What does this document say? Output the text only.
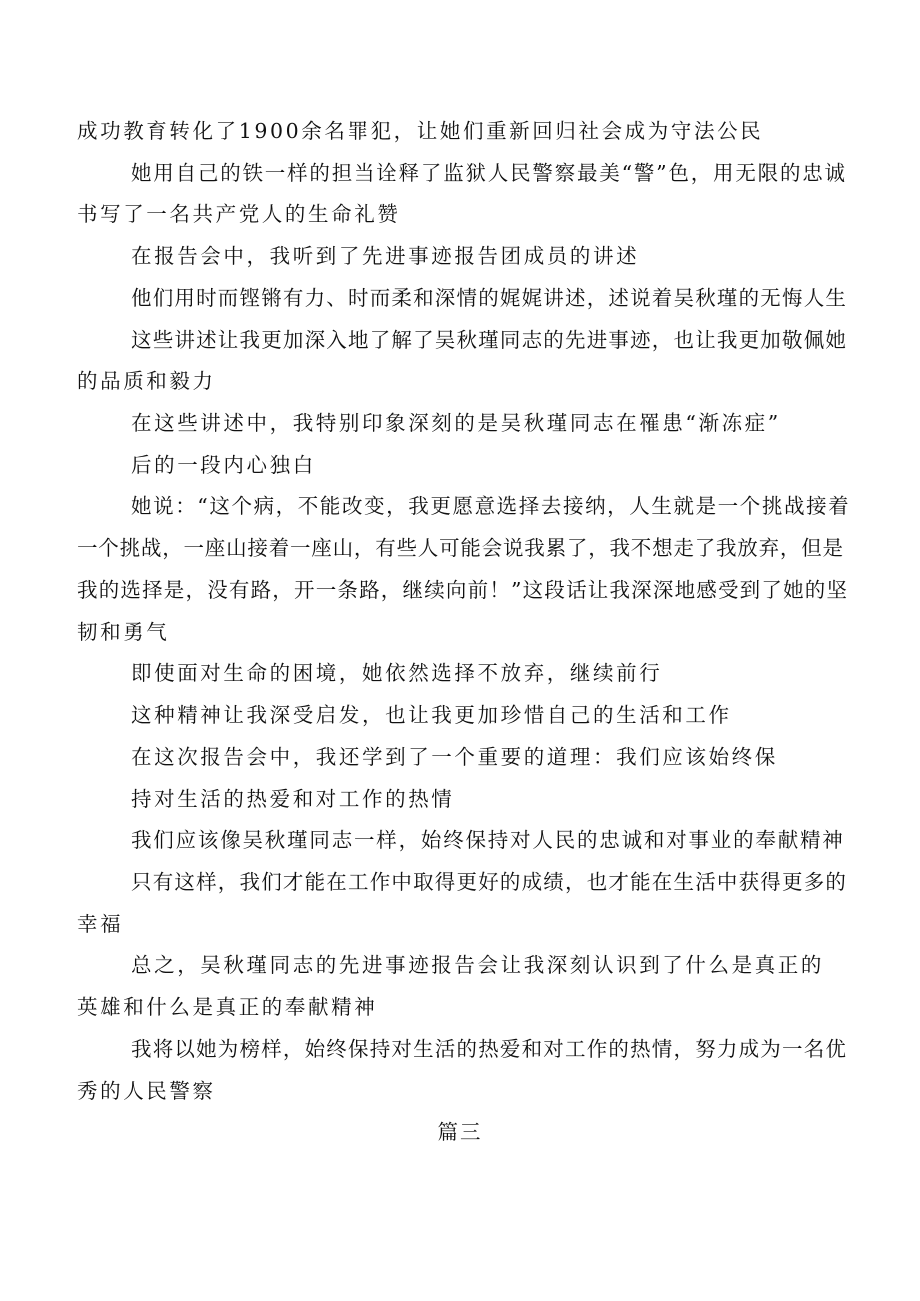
成功教育转化了1900余名罪犯，让她们重新回归社会成为守法公民
她用自己的铁一样的担当诠释了监狱人民警察最美“警”色，用无限的忠诚
书写了一名共产党人的生命礼赞
在报告会中，我听到了先进事迹报告团成员的讲述
他们用时而铿锵有力、时而柔和深情的娓娓讲述，述说着吴秋瑾的无悔人生
这些讲述让我更加深入地了解了吴秋瑾同志的先进事迹，也让我更加敬佩她
的品质和毅力
在这些讲述中，我特别印象深刻的是吴秋瑾同志在罹患“渐冻症”
后的一段内心独白
她说：“这个病，不能改变，我更愿意选择去接纳，人生就是一个挑战接着
一个挑战，一座山接着一座山，有些人可能会说我累了，我不想走了我放弃，但是
我的选择是，没有路，开一条路，继续向前！”这段话让我深深地感受到了她的坚
韧和勇气
即使面对生命的困境，她依然选择不放弃，继续前行
这种精神让我深受启发，也让我更加珍惜自己的生活和工作
在这次报告会中，我还学到了一个重要的道理：我们应该始终保
持对生活的热爱和对工作的热情
我们应该像吴秋瑾同志一样，始终保持对人民的忠诚和对事业的奉献精神
只有这样，我们才能在工作中取得更好的成绩，也才能在生活中获得更多的
幸福
总之，吴秋瑾同志的先进事迹报告会让我深刻认识到了什么是真正的
英雄和什么是真正的奉献精神
我将以她为榜样，始终保持对生活的热爱和对工作的热情，努力成为一名优
秀的人民警察
篇三
